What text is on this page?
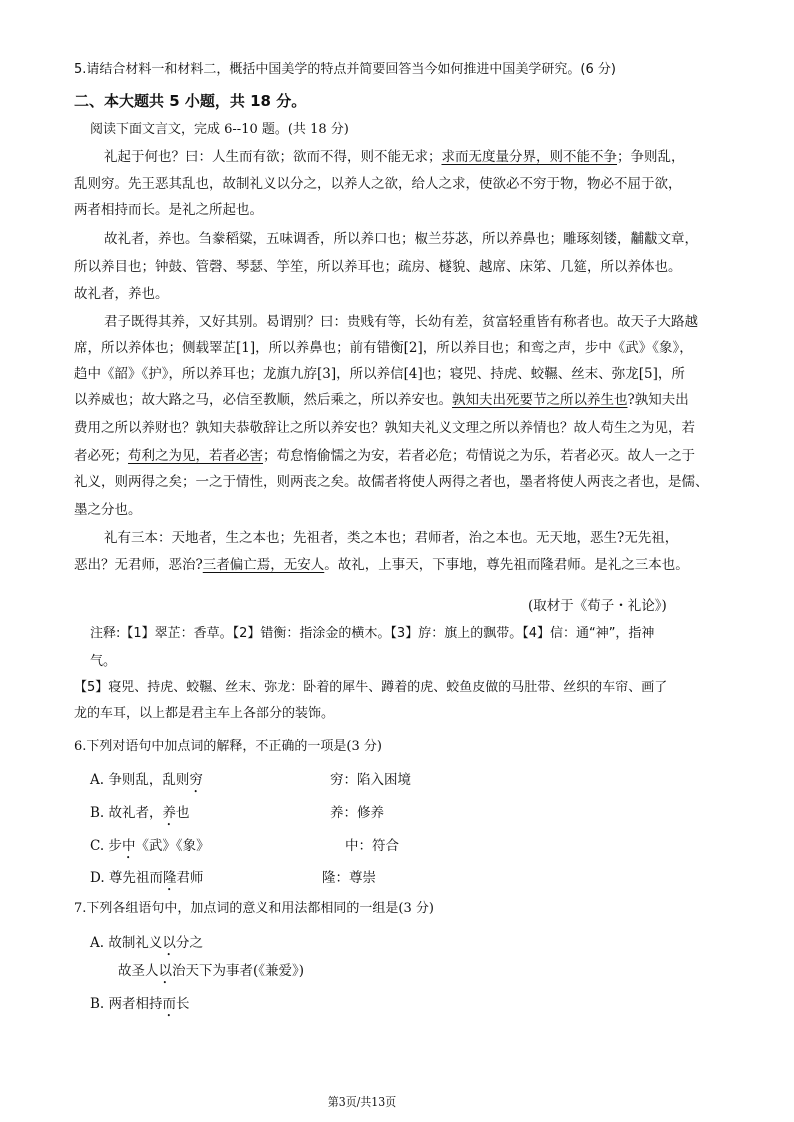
5.请结合材料一和材料二，概括中国美学的特点并简要回答当今如何推进中国美学研究。(6 分)
二、本大题共 5 小题，共 18 分。
阅读下面文言文，完成 6--10 题。(共 18 分)
礼起于何也？曰：人生而有欲；欲而不得，则不能无求；求而无度量分界，则不能不争；争则乱，
乱则穷。先王恶其乱也，故制礼义以分之，以养人之欲，给人之求，使欲必不穷于物，物必不屈于欲，
两者相持而长。是礼之所起也。
故礼者，养也。刍豢稻粱，五味调香，所以养口也；椒兰芬苾，所以养鼻也；雕琢刻镂，黼黻文章，
所以养目也；钟鼓、管磬、琴瑟、竽笙，所以养耳也；疏房、檖貌、越席、床笫、几筵，所以养体也。
故礼者，养也。
君子既得其养，又好其别。曷谓别？曰：贵贱有等，长幼有差，贫富轻重皆有称者也。故天子大路越
席，所以养体也；侧载睪芷[1]，所以养鼻也；前有错衡[2]，所以养目也；和鸾之声，步中《武》《象》，
趋中《韶》《护》，所以养耳也；龙旗九斿[3]，所以养信[4]也；寝兕、持虎、蛟韅、丝末、弥龙[5]，所
以养威也；故大路之马，必信至教顺，然后乘之，所以养安也。孰知夫出死要节之所以养生也?孰知夫出
费用之所以养财也？孰知夫恭敬辞让之所以养安也？孰知夫礼义文理之所以养情也？故人苟生之为见，若
者必死；苟利之为见，若者必害；苟怠惰偷懦之为安，若者必危；苟情说之为乐，若者必灭。故人一之于
礼义，则两得之矣；一之于情性，则两丧之矣。故儒者将使人两得之者也，墨者将使人两丧之者也，是儒、
墨之分也。
礼有三本：天地者，生之本也；先祖者，类之本也；君师者，治之本也。无天地，恶生?无先祖，
恶出？无君师，恶治?三者偏亡焉，无安人。故礼，上事天，下事地，尊先祖而隆君师。是礼之三本也。
(取材于《荀子・礼论》)
注释:【1】翠芷：香草。【2】错衡：指涂金的横木。【3】斿：旗上的飘带。【4】信：通“神”，指神
气。
【5】寝兕、持虎、蛟韅、丝末、弥龙：卧着的犀牛、蹲着的虎、蛟鱼皮做的马肚带、丝织的车帘、画了
龙的车耳，以上都是君主车上各部分的装饰。
6.下列对语句中加点词的解释，不正确的一项是(3 分)
A. 争则乱，乱则穷	穷：陷入困境
B. 故礼者，养也	养：修养
C. 步中《武》《象》	中：符合
D. 尊先祖而隆君师	隆：尊崇
7.下列各组语句中，加点词的意义和用法都相同的一组是(3 分)
A. 故制礼义以分之
故圣人以治天下为事者(《兼爱》)
B. 两者相持而长
第3页/共13页
